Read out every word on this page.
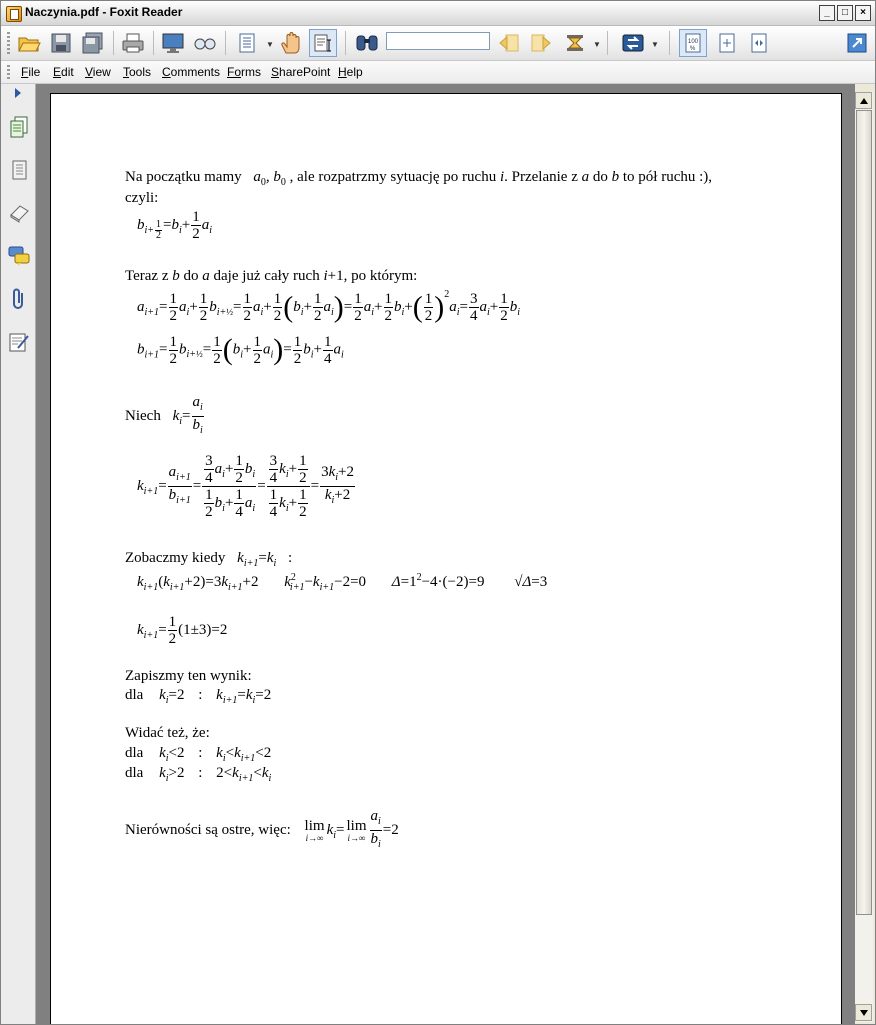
Naczynia.pdf - Foxit Reader	_	□	×
▼	▼	▼	100
%
File Edit View Tools Comments Forms SharePoint Help
Na początku mamy $a_0$, $b_0$ , ale rozpatrzmy sytuację po ruchu i. Przelanie z a do b to pół ruchu :),
czyli:
$b_{i+ \frac{1}{2}} =b_i+ \frac{1}{2} a_i$
Teraz z b do a daje już cały ruch i+1, po którym:
$a_{i+1}= \frac{1}{2} a_i+ \frac{1}{2} b_{i+\frac{1}{2}}= \frac{1}{2} a_i+ \frac{1}{2} (b_i+ \frac{1}{2} a_i)= \frac{1}{2} a_i+ \frac{1}{2} b_i+( \frac{1}{2} )^2a_i= \frac{3}{4} a_i+ \frac{1}{2} b_i$
$b_{i+1}= \frac{1}{2} b_{i+\frac{1}{2}}= \frac{1}{2} (b_i+ \frac{1}{2} a_i)= \frac{1}{2} b_i+ \frac{1}{4} a_i$
Niech $k_i= \frac{a_i}{b_i}$
$k_{i+1}= \frac{a_{i+1}}{b_{i+1}} = \frac{\frac{3}{4} a_i+ \frac{1}{2} b_i}{\frac{1}{2} b_i+ \frac{1}{4} a_i} = \frac{\frac{3}{4} k_i+ \frac{1}{2}}{\frac{1}{4} k_i+ \frac{1}{2}} = \frac{3k_i+2}{k_i+2}$
Zobaczmy kiedy $k_{i+1}=k_i$ :
$k_{i+1}(k_{i+1}+2)=3k_{i+1}+2$ $k^2_{i+1}-k_{i+1}-2=0$ $\Delta=1^2-4\cdot(-2)=9$ √Δ=3
$k_{i+1}= \frac{1}{2} (1\pm 3)=2$
Zapiszmy ten wynik:
dla $k_i=2$ : $k_{i+1}=k_i=2$
Widać też, że:
dla $k_i<2$ : $k_i<k_{i+1}<2$
dla $k_i>2$ : $2<k_{i+1}<k_i$
Nierówności są ostre, więc: lim
i→∞
$k_i= \lim$
$i\to\infty \frac{a_i}{b_i} =2$
